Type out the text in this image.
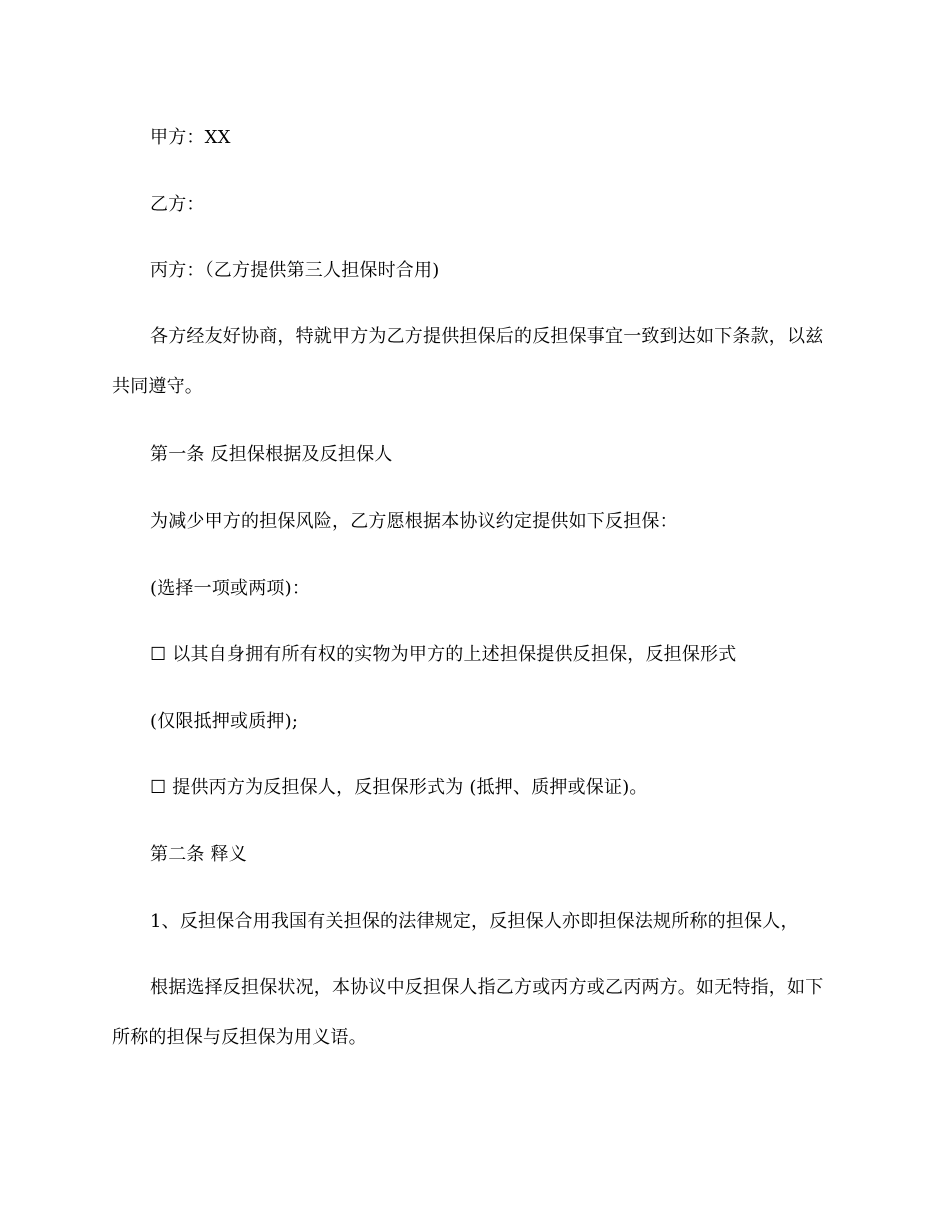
甲方：XX
乙方：
丙方：（乙方提供第三人担保时合用)
各方经友好协商，特就甲方为乙方提供担保后的反担保事宜一致到达如下条款，以兹
共同遵守。
第一条 反担保根据及反担保人
为减少甲方的担保风险，乙方愿根据本协议约定提供如下反担保：
(选择一项或两项)：
☐ 以其自身拥有所有权的实物为甲方的上述担保提供反担保，反担保形式
(仅限抵押或质押);
☐ 提供丙方为反担保人，反担保形式为 (抵押、质押或保证)。
第二条 释义
1、反担保合用我国有关担保的法律规定，反担保人亦即担保法规所称的担保人，
根据选择反担保状况，本协议中反担保人指乙方或丙方或乙丙两方。如无特指，如下
所称的担保与反担保为用义语。
